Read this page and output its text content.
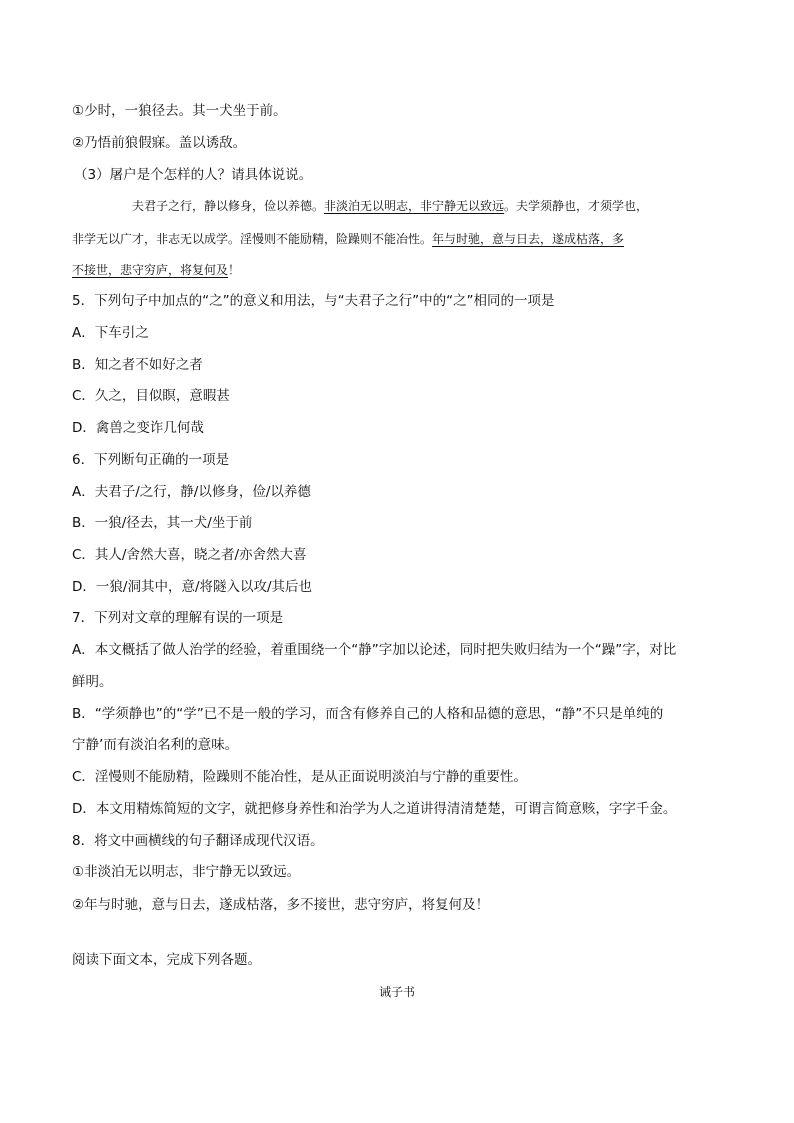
①少时，一狼径去。其一犬坐于前。
②乃悟前狼假寐。盖以诱敌。
（3）屠户是个怎样的人？请具体说说。
夫君子之行，静以修身，俭以养德。非淡泊无以明志，非宁静无以致远。夫学须静也，才须学也，
非学无以广才，非志无以成学。淫慢则不能励精，险躁则不能冶性。年与时驰，意与日去，遂成枯落，多
不接世，悲守穷庐，将复何及！
5．下列句子中加点的“之”的意义和用法，与“夫君子之行”中的“之”相同的一项是
A．下车引之
B．知之者不如好之者
C．久之，目似瞑，意暇甚
D．禽兽之变诈几何哉
6．下列断句正确的一项是
A．夫君子/之行，静/以修身，俭/以养德
B．一狼/径去，其一犬/坐于前
C．其人/舍然大喜，晓之者/亦舍然大喜
D．一狼/洞其中，意/将隧入以攻/其后也
7．下列对文章的理解有误的一项是
A．本文概括了做人治学的经验，着重围绕一个“静”字加以论述，同时把失败归结为一个“躁”字，对比
鲜明。
B．“学须静也”的“学”已不是一般的学习，而含有修养自己的人格和品德的意思，“静”不只是单纯的
宁静’而有淡泊名利的意味。
C．淫慢则不能励精，险躁则不能冶性，是从正面说明淡泊与宁静的重要性。
D．本文用精炼简短的文字，就把修身养性和治学为人之道讲得清清楚楚，可谓言简意赅，字字千金。
8．将文中画横线的句子翻译成现代汉语。
①非淡泊无以明志，非宁静无以致远。
②年与时驰，意与日去，遂成枯落，多不接世，悲守穷庐，将复何及！
阅读下面文本，完成下列各题。
诫子书
